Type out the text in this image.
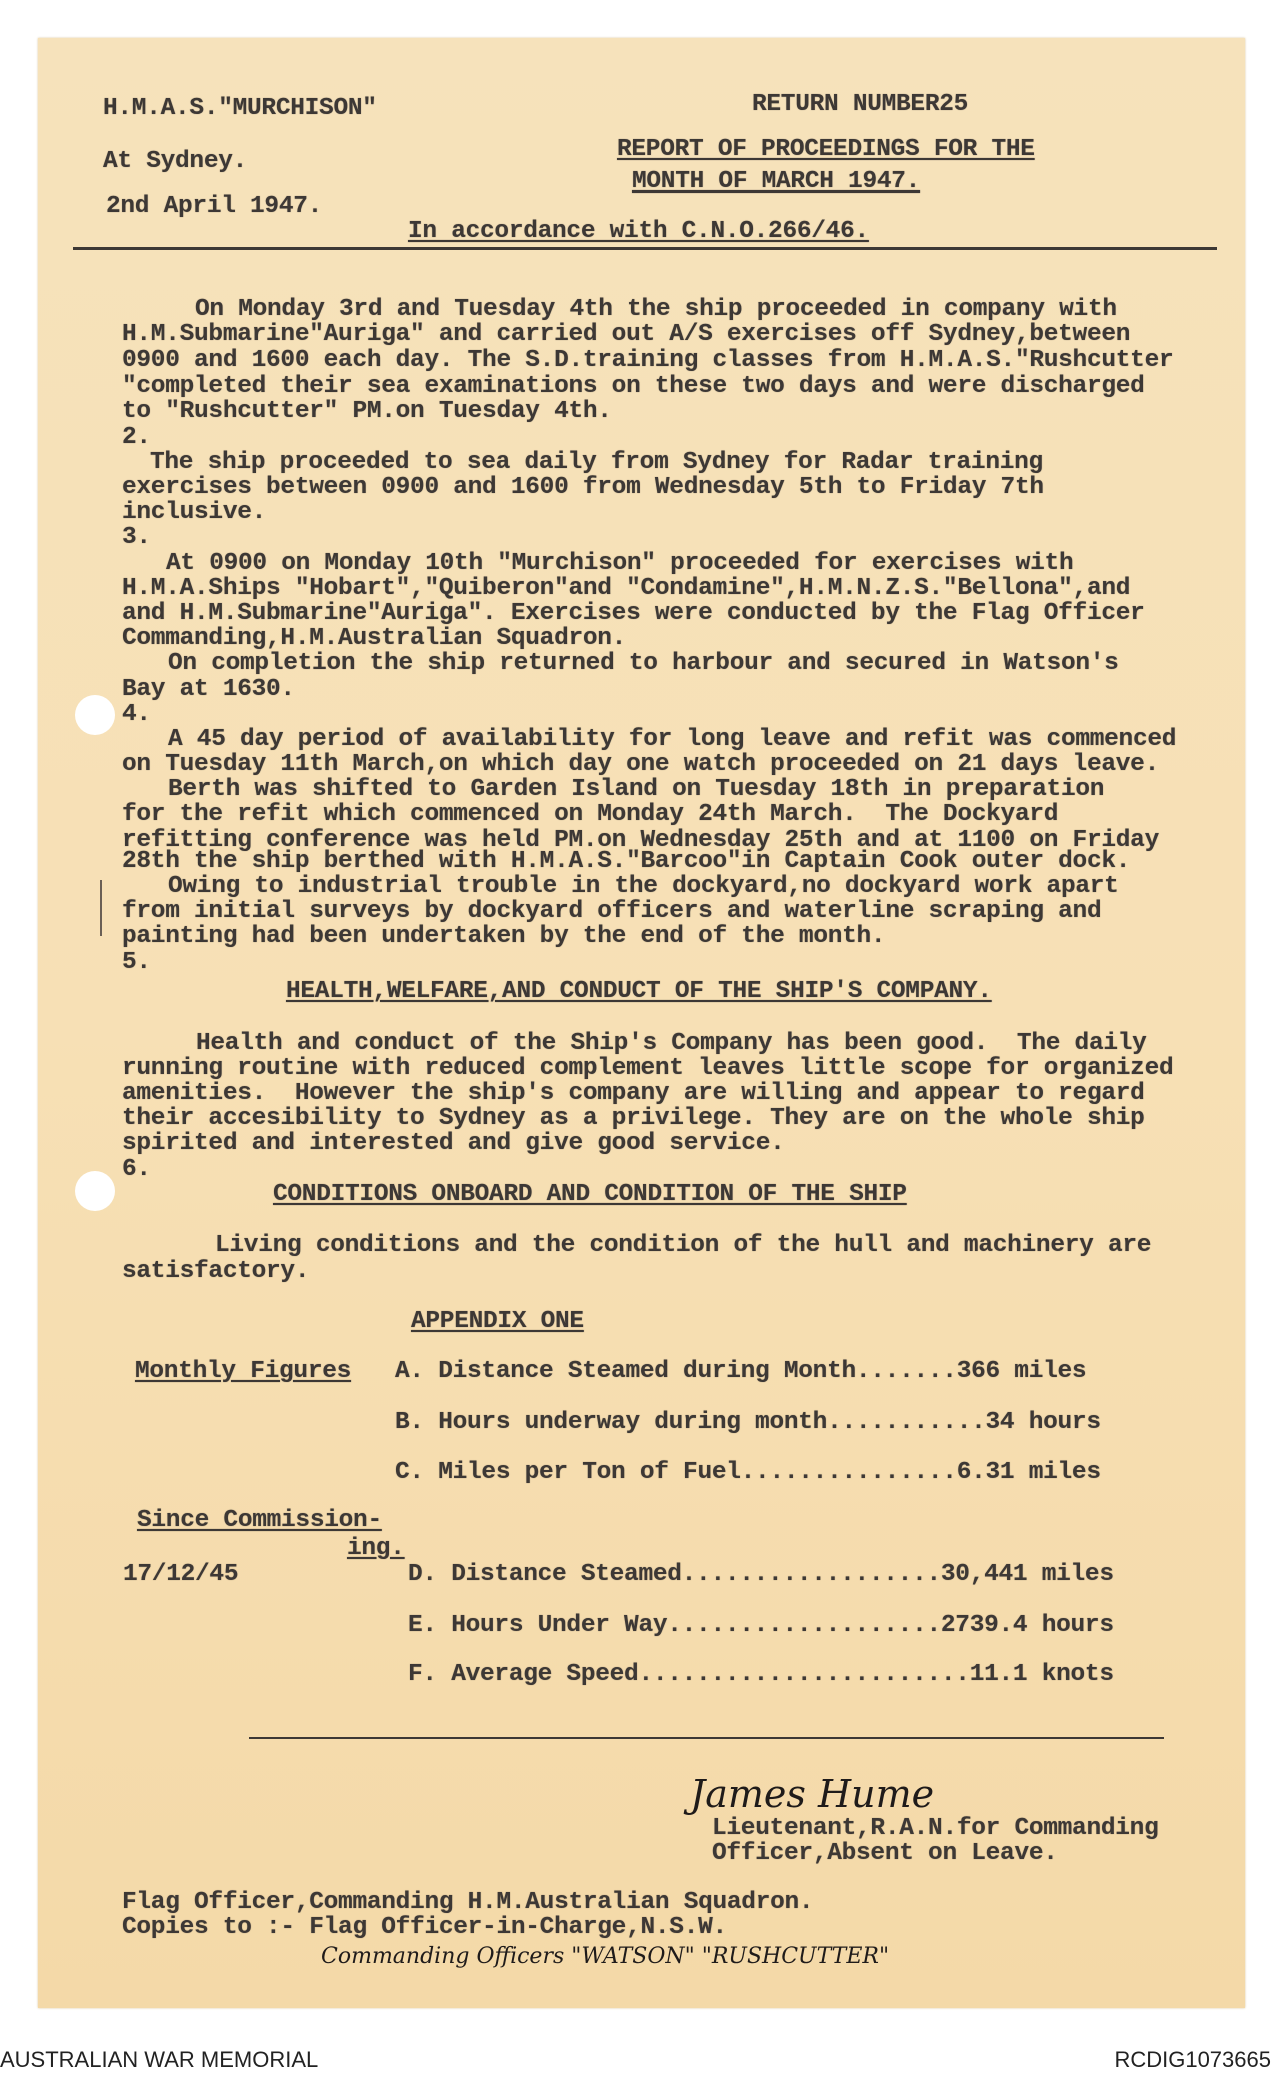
H.M.A.S."MURCHISON"	RETURN NUMBER25
At Sydney.	REPORT OF PROCEEDINGS FOR THE
MONTH OF MARCH 1947.
2nd April 1947.
In accordance with C.N.O.266/46.
On Monday 3rd and Tuesday 4th the ship proceeded in company with
H.M.Submarine"Auriga" and carried out A/S exercises off Sydney,between
0900 and 1600 each day. The S.D.training classes from H.M.A.S."Rushcutter
"completed their sea examinations on these two days and were discharged
to "Rushcutter" PM.on Tuesday 4th.
2.
The ship proceeded to sea daily from Sydney for Radar training
exercises between 0900 and 1600 from Wednesday 5th to Friday 7th
inclusive.
3.
At 0900 on Monday 10th "Murchison" proceeded for exercises with
H.M.A.Ships "Hobart","Quiberon"and "Condamine",H.M.N.Z.S."Bellona",and
and H.M.Submarine"Auriga". Exercises were conducted by the Flag Officer
Commanding,H.M.Australian Squadron.
On completion the ship returned to harbour and secured in Watson's
Bay at 1630.
4.
A 45 day period of availability for long leave and refit was commenced
on Tuesday 11th March,on which day one watch proceeded on 21 days leave.
Berth was shifted to Garden Island on Tuesday 18th in preparation
for the refit which commenced on Monday 24th March.  The Dockyard
refitting conference was held PM.on Wednesday 25th and at 1100 on Friday
28th the ship berthed with H.M.A.S."Barcoo"in Captain Cook outer dock.
Owing to industrial trouble in the dockyard,no dockyard work apart
from initial surveys by dockyard officers and waterline scraping and
painting had been undertaken by the end of the month.
5.
HEALTH,WELFARE,AND CONDUCT OF THE SHIP'S COMPANY.
Health and conduct of the Ship's Company has been good.  The daily
running routine with reduced complement leaves little scope for organized
amenities.  However the ship's company are willing and appear to regard
their accesibility to Sydney as a privilege. They are on the whole ship
spirited and interested and give good service.
6.
CONDITIONS ONBOARD AND CONDITION OF THE SHIP
Living conditions and the condition of the hull and machinery are
satisfactory.
APPENDIX ONE
Monthly Figures A. Distance Steamed during Month.......366 miles
B. Hours underway during month...........34 hours
C. Miles per Ton of Fuel...............6.31 miles
Since Commission-
ing.
17/12/45	D. Distance Steamed..................30,441 miles
E. Hours Under Way...................2739.4 hours
F. Average Speed.......................11.1 knots
James Hume
Lieutenant,R.A.N.for Commanding
Officer,Absent on Leave.
Flag Officer,Commanding H.M.Australian Squadron.
Copies to :- Flag Officer-in-Charge,N.S.W.
Commanding Officers "WATSON" "RUSHCUTTER"
AUSTRALIAN WAR MEMORIAL	RCDIG1073665
